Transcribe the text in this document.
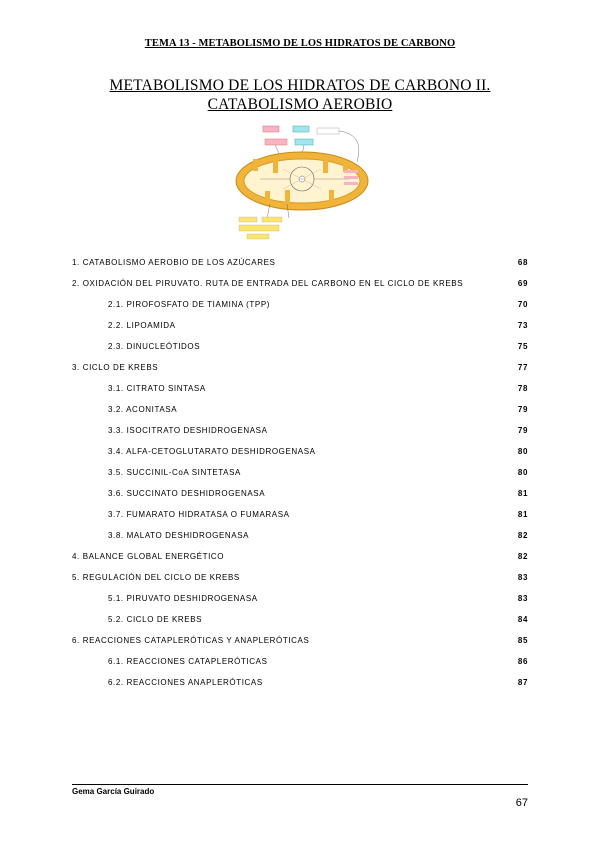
TEMA 13 - METABOLISMO DE LOS HIDRATOS DE CARBONO
METABOLISMO DE LOS HIDRATOS DE CARBONO II.
CATABOLISMO AEROBIO
1. CATABOLISMO AEROBIO DE LOS AZÚCARES	68
2. OXIDACIÓN DEL PIRUVATO. RUTA DE ENTRADA DEL CARBONO EN EL CICLO DE KREBS	69
2.1. PIROFOSFATO DE TIAMINA (TPP)	70
2.2. LIPOAMIDA	73
2.3. DINUCLEÓTIDOS	75
3. CICLO DE KREBS	77
3.1. CITRATO SINTASA	78
3.2. ACONITASA	79
3.3. ISOCITRATO DESHIDROGENASA	79
3.4. ALFA-CETOGLUTARATO DESHIDROGENASA	80
3.5. SUCCINIL-CoA SINTETASA	80
3.6. SUCCINATO DESHIDROGENASA	81
3.7. FUMARATO HIDRATASA O FUMARASA	81
3.8. MALATO DESHIDROGENASA	82
4. BALANCE GLOBAL ENERGÉTICO	82
5. REGULACIÓN DEL CICLO DE KREBS	83
5.1. PIRUVATO DESHIDROGENASA	83
5.2. CICLO DE KREBS	84
6. REACCIONES CATAPLERÓTICAS Y ANAPLERÓTICAS	85
6.1. REACCIONES CATAPLERÓTICAS	86
6.2. REACCIONES ANAPLERÓTICAS	87
Gema García Guirado
67
